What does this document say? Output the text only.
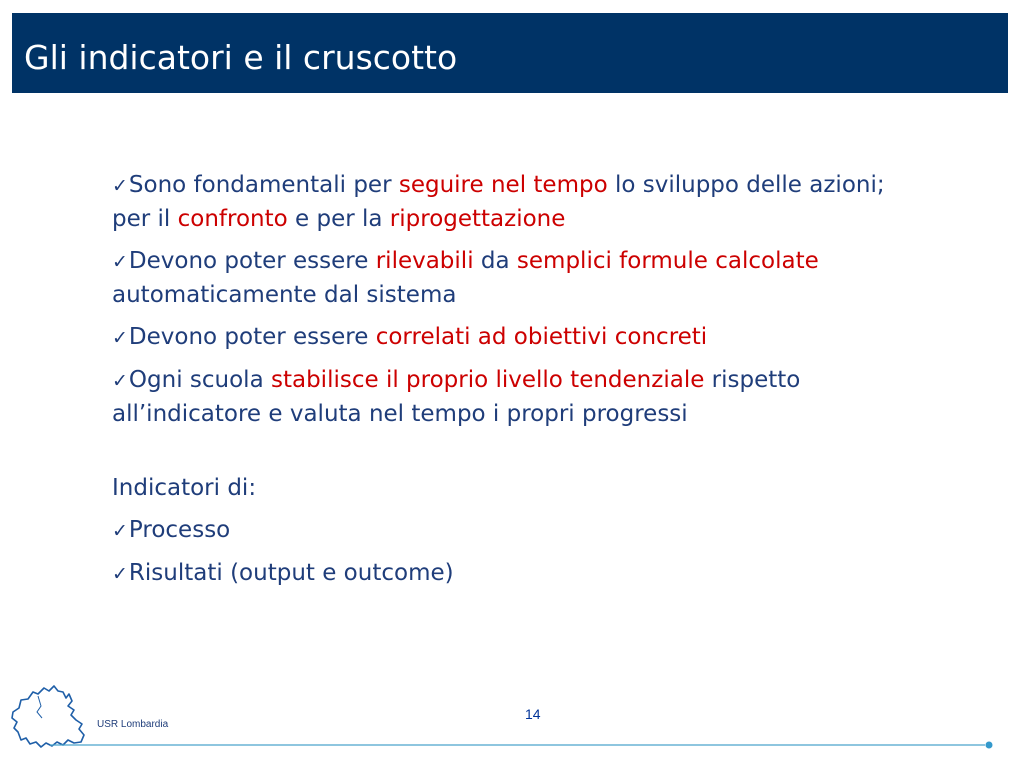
Gli indicatori e il cruscotto

✓Sono fondamentali per seguire nel tempo lo sviluppo delle azioni; per il confronto e per la riprogettazione

✓Devono poter essere rilevabili da semplici formule calcolate automaticamente dal sistema

✓Devono poter essere correlati ad obiettivi concreti

✓Ogni scuola stabilisce il proprio livello tendenziale rispetto all’indicatore e valuta nel tempo i propri progressi

Indicatori di:

✓Processo

✓Risultati (output e outcome)

USR Lombardia
14
